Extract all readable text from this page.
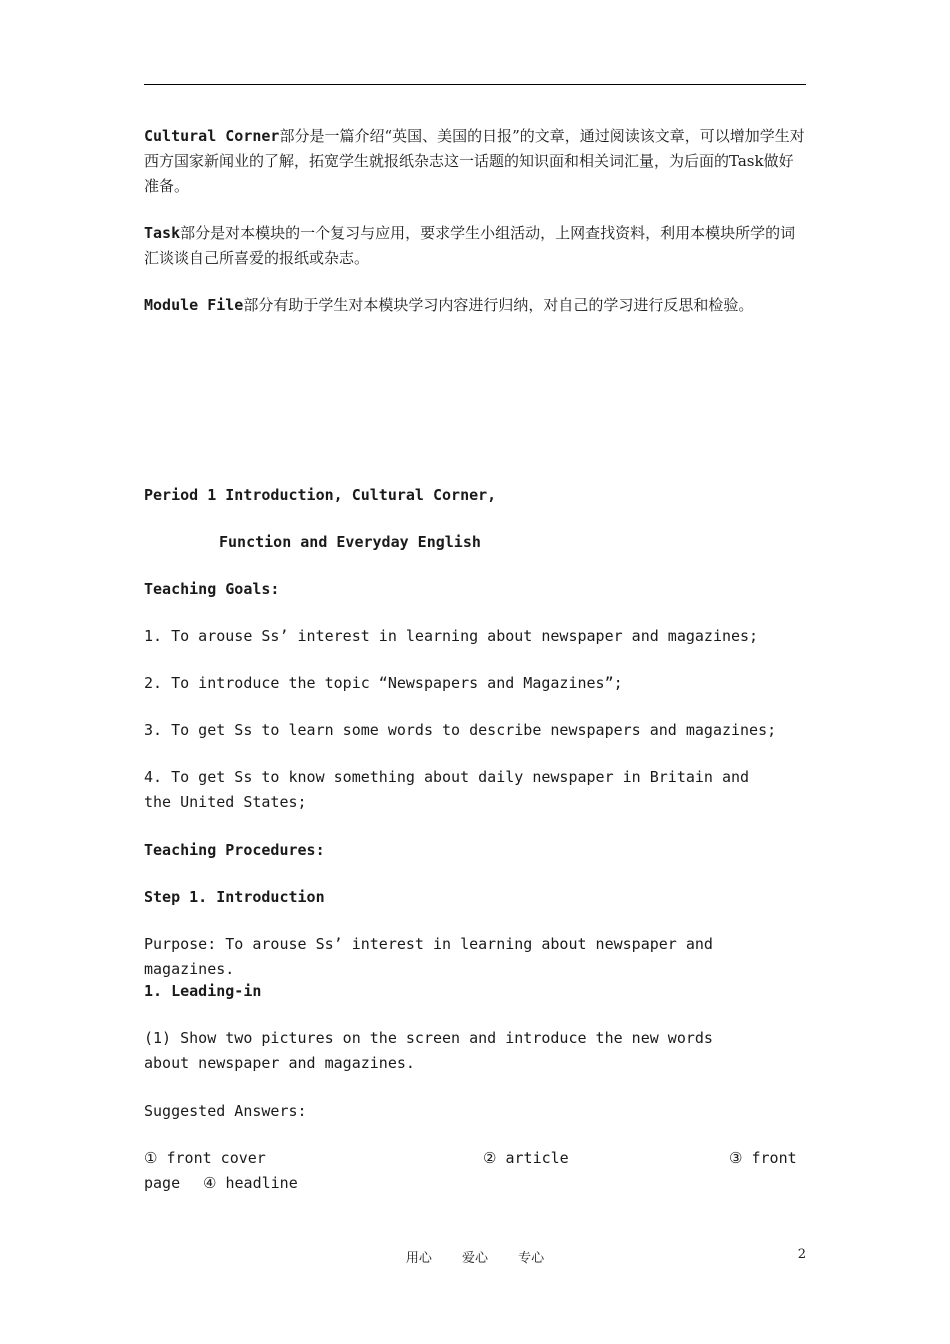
Cultural Corner部分是一篇介绍“英国、美国的日报”的文章，通过阅读该文章，可以增加学生对西方国家新闻业的了解，拓宽学生就报纸杂志这一话题的知识面和相关词汇量，为后面的Task做好准备。

Task部分是对本模块的一个复习与应用，要求学生小组活动，上网查找资料，利用本模块所学的词汇谈谈自己所喜爱的报纸或杂志。

Module File部分有助于学生对本模块学习内容进行归纳，对自己的学习进行反思和检验。

Period 1 Introduction, Cultural Corner,

Function and Everyday English

Teaching Goals:

1. To arouse Ss’ interest in learning about newspaper and magazines;

2. To introduce the topic “Newspapers and Magazines”;

3. To get Ss to learn some words to describe newspapers and magazines;

4. To get Ss to know something about daily newspaper in Britain and the United States;

Teaching Procedures:

Step 1. Introduction

Purpose: To arouse Ss’ interest in learning about newspaper and magazines.

1. Leading-in

(1) Show two pictures on the screen and introduce the new words about newspaper and magazines.

Suggested Answers:

① front cover	② article	③ front
page ④ headline
用心 爱心 专心	2
